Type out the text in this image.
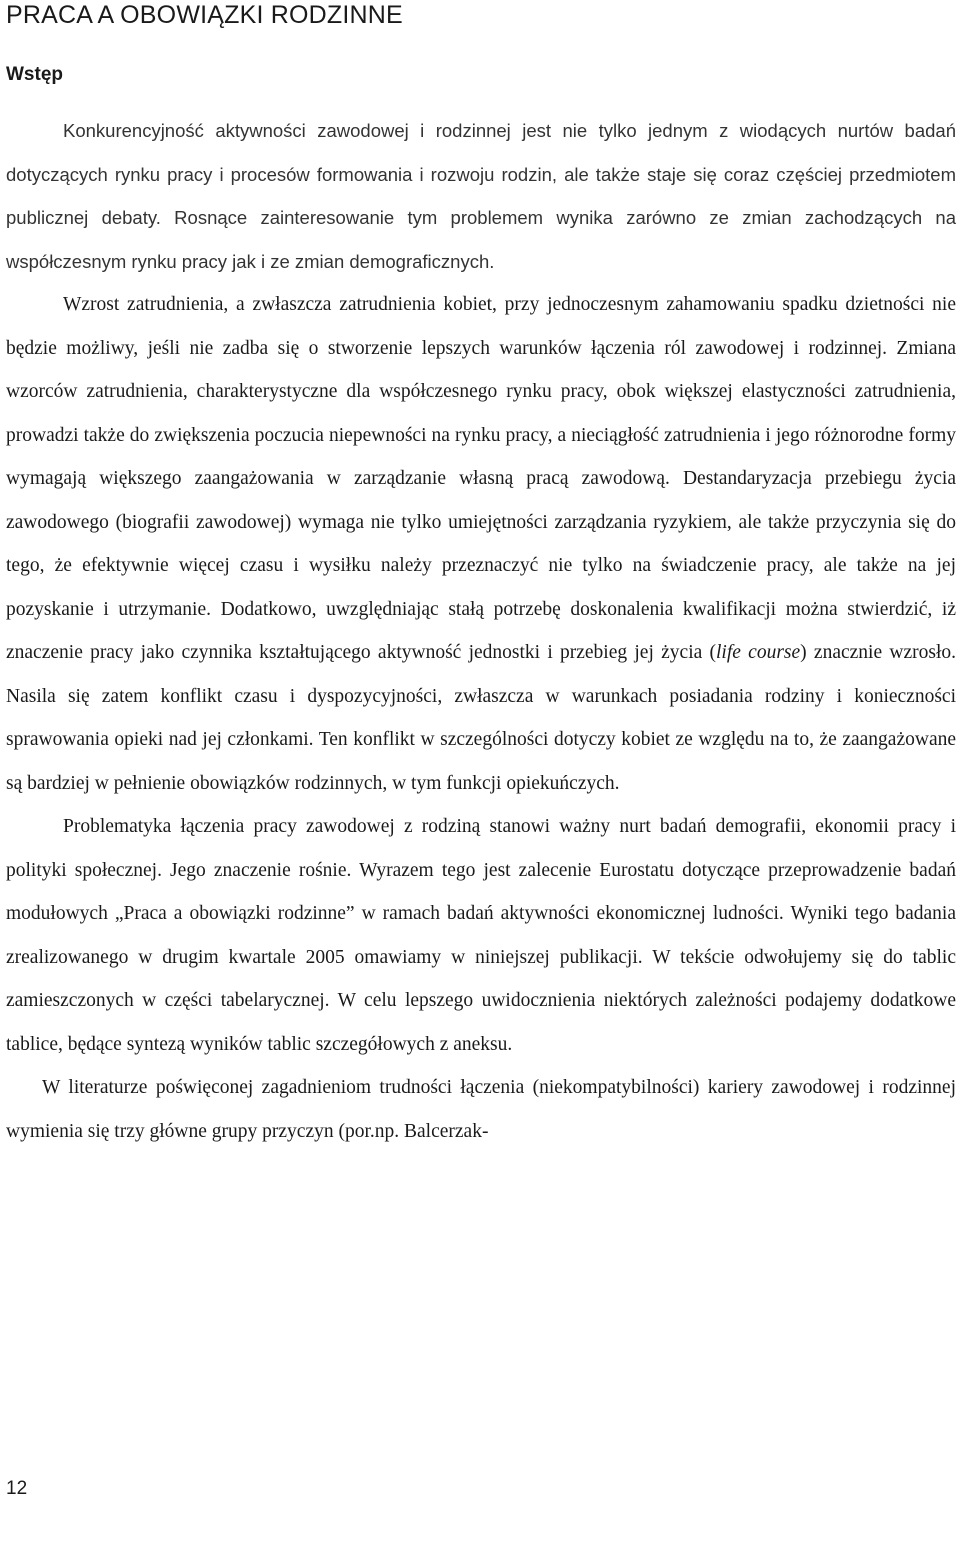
PRACA A OBOWIĄZKI RODZINNE
Wstęp

Konkurencyjność aktywności zawodowej i rodzinnej jest nie tylko jednym z wiodących nurtów badań dotyczących rynku pracy i procesów formowania i rozwoju rodzin, ale także staje się coraz częściej przedmiotem publicznej debaty. Rosnące zainteresowanie tym problemem wynika zarówno ze zmian zachodzących na współczesnym rynku pracy jak i ze zmian demograficznych.

Wzrost zatrudnienia, a zwłaszcza zatrudnienia kobiet, przy jednoczesnym zahamowaniu spadku dzietności nie będzie możliwy, jeśli nie zadba się o stworzenie lepszych warunków łączenia ról zawodowej i rodzinnej. Zmiana wzorców zatrudnienia, charakterystyczne dla współczesnego rynku pracy, obok większej elastyczności zatrudnienia, prowadzi także do zwiększenia poczucia niepewności na rynku pracy, a nieciągłość zatrudnienia i jego różnorodne formy wymagają większego zaangażowania w zarządzanie własną pracą zawodową. Destandaryzacja przebiegu życia zawodowego (biografii zawodowej) wymaga nie tylko umiejętności zarządzania ryzykiem, ale także przyczynia się do tego, że efektywnie więcej czasu i wysiłku należy przeznaczyć nie tylko na świadczenie pracy, ale także na jej pozyskanie i utrzymanie. Dodatkowo, uwzględniając stałą potrzebę doskonalenia kwalifikacji można stwierdzić, iż znaczenie pracy jako czynnika kształtującego aktywność jednostki i przebieg jej życia (life course) znacznie wzrosło. Nasila się zatem konflikt czasu i dyspozycyjności, zwłaszcza w warunkach posiadania rodziny i konieczności sprawowania opieki nad jej członkami. Ten konflikt w szczególności dotyczy kobiet ze względu na to, że zaangażowane są bardziej w pełnienie obowiązków rodzinnych, w tym funkcji opiekuńczych.

Problematyka łączenia pracy zawodowej z rodziną stanowi ważny nurt badań demografii, ekonomii pracy i polityki społecznej. Jego znaczenie rośnie. Wyrazem tego jest zalecenie Eurostatu dotyczące przeprowadzenie badań modułowych „Praca a obowiązki rodzinne” w ramach badań aktywności ekonomicznej ludności. Wyniki tego badania zrealizowanego w drugim kwartale 2005 omawiamy w niniejszej publikacji. W tekście odwołujemy się do tablic zamieszczonych w części tabelarycznej. W celu lepszego uwidocznienia niektórych zależności podajemy dodatkowe tablice, będące syntezą wyników tablic szczegółowych z aneksu.

W literaturze poświęconej zagadnieniom trudności łączenia (niekompatybilności) kariery zawodowej i rodzinnej wymienia się trzy główne grupy przyczyn (por.np. Balcerzak-

12
